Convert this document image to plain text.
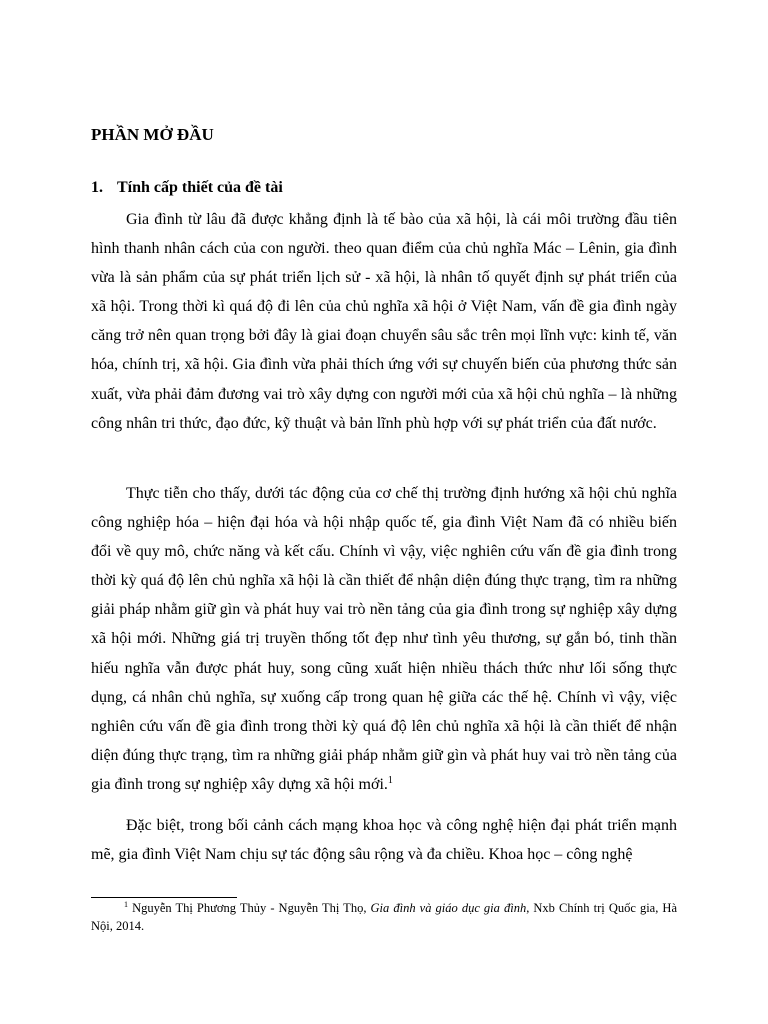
PHẦN MỞ ĐẦU
1. Tính cấp thiết của đề tài

Gia đình từ lâu đã được khẳng định là tế bào của xã hội, là cái môi trường đầu tiên hình thanh nhân cách của con người. theo quan điểm của chủ nghĩa Mác – Lênin, gia đình vừa là sản phẩm của sự phát triển lịch sử - xã hội, là nhân tố quyết định sự phát triển của xã hội. Trong thời kì quá độ đi lên của chủ nghĩa xã hội ở Việt Nam, vấn đề gia đình ngày căng trở nên quan trọng bởi đây là giai đoạn chuyển sâu sắc trên mọi lĩnh vực: kinh tế, văn hóa, chính trị, xã hội. Gia đình vừa phải thích ứng với sự chuyến biến của phương thức sản xuất, vừa phải đảm đương vai trò xây dựng con người mới của xã hội chủ nghĩa – là những công nhân tri thức, đạo đức, kỹ thuật và bản lĩnh phù hợp với sự phát triển của đất nước.

Thực tiễn cho thấy, dưới tác động của cơ chế thị trường định hướng xã hội chủ nghĩa công nghiệp hóa – hiện đại hóa và hội nhập quốc tế, gia đình Việt Nam đã có nhiều biến đổi về quy mô, chức năng và kết cấu. Chính vì vậy, việc nghiên cứu vấn đề gia đình trong thời kỳ quá độ lên chủ nghĩa xã hội là cần thiết để nhận diện đúng thực trạng, tìm ra những giải pháp nhằm giữ gìn và phát huy vai trò nền tảng của gia đình trong sự nghiệp xây dựng xã hội mới. Những giá trị truyền thống tốt đẹp như tình yêu thương, sự gắn bó, tinh thần hiếu nghĩa vẫn được phát huy, song cũng xuất hiện nhiều thách thức như lối sống thực dụng, cá nhân chủ nghĩa, sự xuống cấp trong quan hệ giữa các thế hệ. Chính vì vậy, việc nghiên cứu vấn đề gia đình trong thời kỳ quá độ lên chủ nghĩa xã hội là cần thiết để nhận diện đúng thực trạng, tìm ra những giải pháp nhằm giữ gìn và phát huy vai trò nền tảng của gia đình trong sự nghiệp xây dựng xã hội mới.$^1$

Đặc biệt, trong bối cảnh cách mạng khoa học và công nghệ hiện đại phát triển mạnh mẽ, gia đình Việt Nam chịu sự tác động sâu rộng và đa chiều. Khoa học – công nghệ

$^1$ Nguyễn Thị Phương Thủy - Nguyễn Thị Thọ, Gia đình và giáo dục gia đình, Nxb Chính trị Quốc gia, Hà Nội, 2014.
